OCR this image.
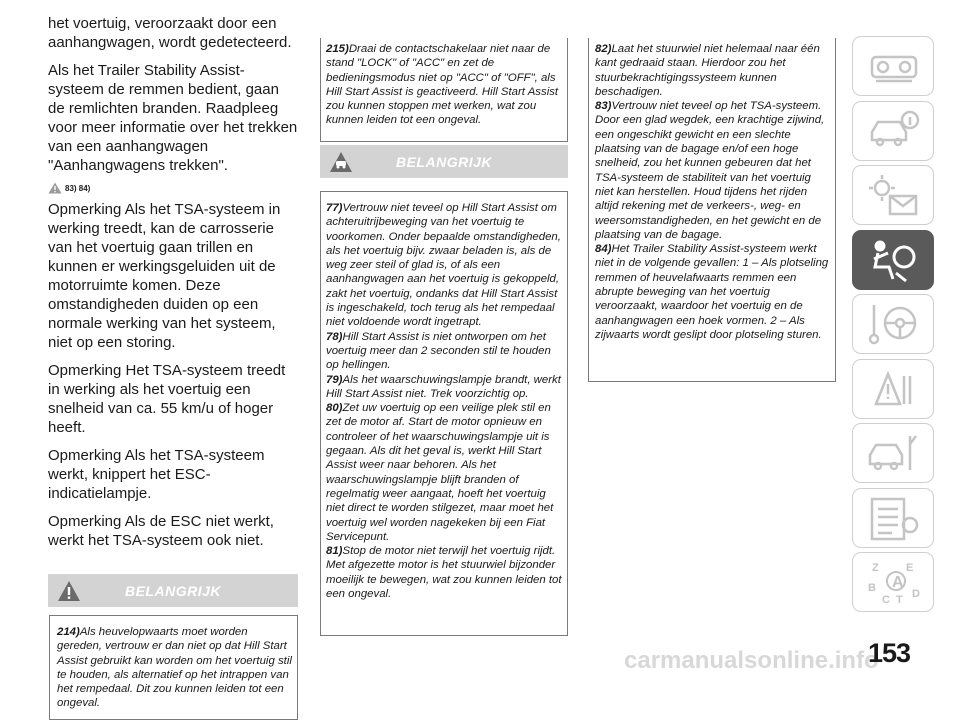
het voertuig, veroorzaakt door een aanhangwagen, wordt gedetecteerd.

Als het Trailer Stability Assist-systeem de remmen bedient, gaan de remlichten branden. Raadpleeg voor meer informatie over het trekken van een aanhangwagen "Aanhangwagens trekken".

83) 84)

Opmerking Als het TSA-systeem in werking treedt, kan de carrosserie van het voertuig gaan trillen en kunnen er werkingsgeluiden uit de motorruimte komen. Deze omstandigheden duiden op een normale werking van het systeem, niet op een storing.

Opmerking Het TSA-systeem treedt in werking als het voertuig een snelheid van ca. 55 km/u of hoger heeft.

Opmerking Als het TSA-systeem werkt, knippert het ESC-indicatielampje.

Opmerking Als de ESC niet werkt, werkt het TSA-systeem ook niet.

BELANGRIJK
214)Als heuvelopwaarts moet worden gereden, vertrouw er dan niet op dat Hill Start Assist gebruikt kan worden om het voertuig stil te houden, als alternatief op het intrappen van het rempedaal. Dit zou kunnen leiden tot een ongeval.
215)Draai de contactschakelaar niet naar de stand "LOCK" of "ACC" en zet de bedieningsmodus niet op "ACC" of "OFF", als Hill Start Assist is geactiveerd. Hill Start Assist zou kunnen stoppen met werken, wat zou kunnen leiden tot een ongeval.
BELANGRIJK
77)Vertrouw niet teveel op Hill Start Assist om achteruitrijbeweging van het voertuig te voorkomen. Onder bepaalde omstandigheden, als het voertuig bijv. zwaar beladen is, als de weg zeer steil of glad is, of als een aanhangwagen aan het voertuig is gekoppeld, zakt het voertuig, ondanks dat Hill Start Assist is ingeschakeld, toch terug als het rempedaal niet voldoende wordt ingetrapt.
78)Hill Start Assist is niet ontworpen om het voertuig meer dan 2 seconden stil te houden op hellingen.
79)Als het waarschuwingslampje brandt, werkt Hill Start Assist niet. Trek voorzichtig op.
80)Zet uw voertuig op een veilige plek stil en zet de motor af. Start de motor opnieuw en controleer of het waarschuwingslampje uit is gegaan. Als dit het geval is, werkt Hill Start Assist weer naar behoren. Als het waarschuwingslampje blijft branden of regelmatig weer aangaat, hoeft het voertuig niet direct te worden stilgezet, maar moet het voertuig wel worden nagekeken bij een Fiat Servicepunt.
81)Stop de motor niet terwijl het voertuig rijdt. Met afgezette motor is het stuurwiel bijzonder moeilijk te bewegen, wat zou kunnen leiden tot een ongeval.
82)Laat het stuurwiel niet helemaal naar één kant gedraaid staan. Hierdoor zou het stuurbekrachtigingssysteem kunnen beschadigen.
83)Vertrouw niet teveel op het TSA-systeem. Door een glad wegdek, een krachtige zijwind, een ongeschikt gewicht en een slechte plaatsing van de bagage en/of een hoge snelheid, zou het kunnen gebeuren dat het TSA-systeem de stabiliteit van het voertuig niet kan herstellen. Houd tijdens het rijden altijd rekening met de verkeers-, weg- en weersomstandigheden, en het gewicht en de plaatsing van de bagage.
84)Het Trailer Stability Assist-systeem werkt niet in de volgende gevallen: 1 – Als plotseling remmen of heuvelafwaarts remmen een abrupte beweging van het voertuig veroorzaakt, waardoor het voertuig en de aanhangwagen een hoek vormen. 2 – Als zijwaarts wordt geslipt door plotseling sturen.
Z E
B
C T D
A
carmanualsonline.info
153
